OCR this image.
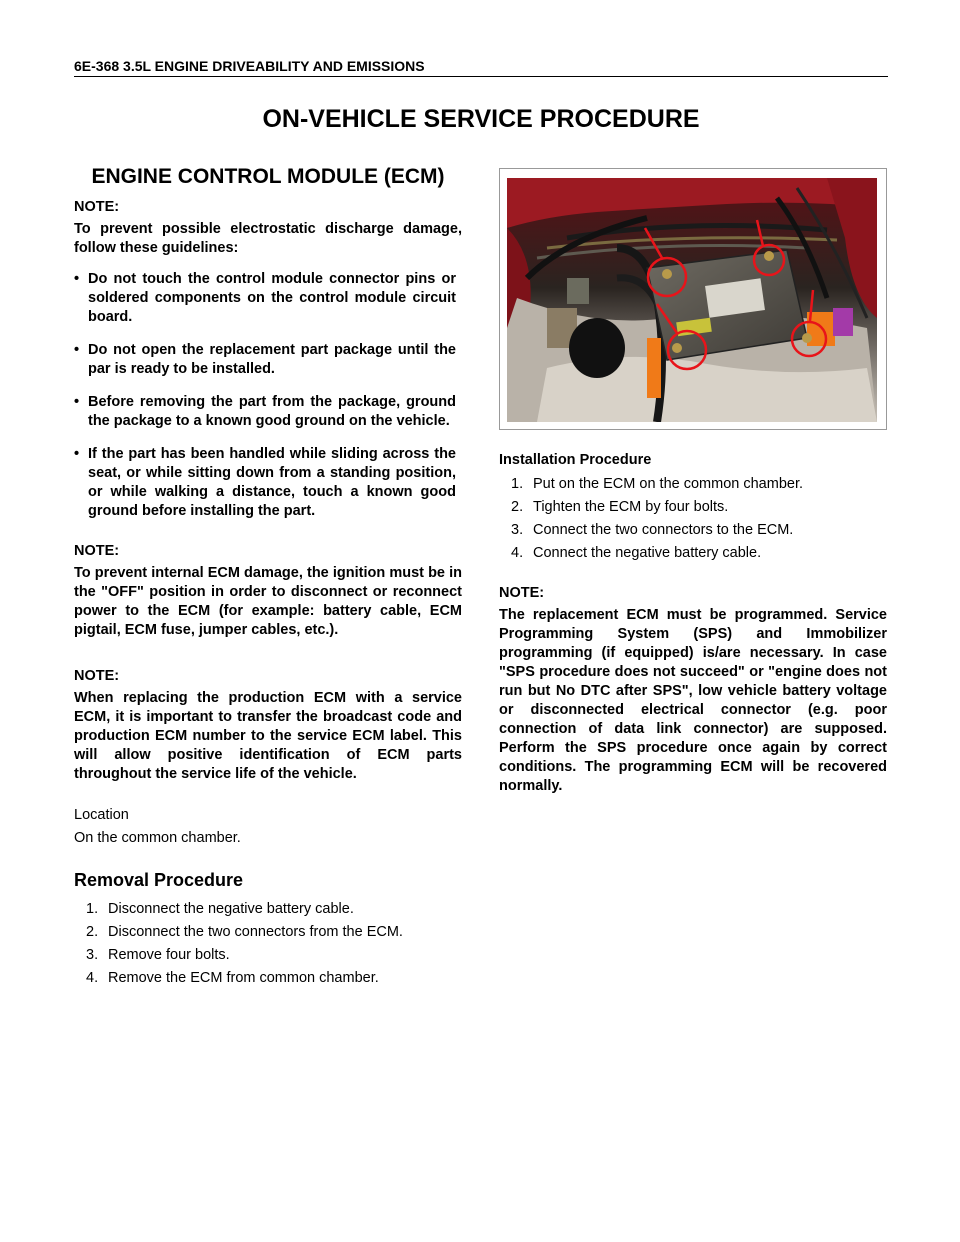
6E-368 3.5L ENGINE DRIVEABILITY AND EMISSIONS
ON-VEHICLE SERVICE PROCEDURE
ENGINE CONTROL MODULE (ECM)
NOTE:

To prevent possible electrostatic discharge damage, follow these guidelines:

• Do not touch the control module connector pins or soldered components on the control module circuit board.
• Do not open the replacement part package until the par is ready to be installed.
• Before removing the part from the package, ground the package to a known good ground on the vehicle.
• If the part has been handled while sliding across the seat, or while sitting down from a standing position, or while walking a distance, touch a known good ground before installing the part.
NOTE:

To prevent internal ECM damage, the ignition must be in the "OFF" position in order to disconnect or reconnect power to the ECM (for example: battery cable, ECM pigtail, ECM fuse, jumper cables, etc.).

NOTE:

When replacing the production ECM with a service ECM, it is important to transfer the broadcast code and production ECM number to the service ECM label. This will allow positive identification of ECM parts throughout the service life of the vehicle.

Location

On the common chamber.

Removal Procedure
1. Disconnect the negative battery cable.
2. Disconnect the two connectors from the ECM.
3. Remove four bolts.
4. Remove the ECM from common chamber.
Installation Procedure
1. Put on the ECM on the common chamber.
2. Tighten the ECM by four bolts.
3. Connect the two connectors to the ECM.
4. Connect the negative battery cable.
NOTE:

The replacement ECM must be programmed. Service Programming System (SPS) and Immobilizer programming (if equipped) is/are necessary. In case "SPS procedure does not succeed" or "engine does not run but No DTC after SPS", low vehicle battery voltage or disconnected electrical connector (e.g. poor connection of data link connector) are supposed. Perform the SPS procedure once again by correct conditions. The programming ECM will be recovered normally.
